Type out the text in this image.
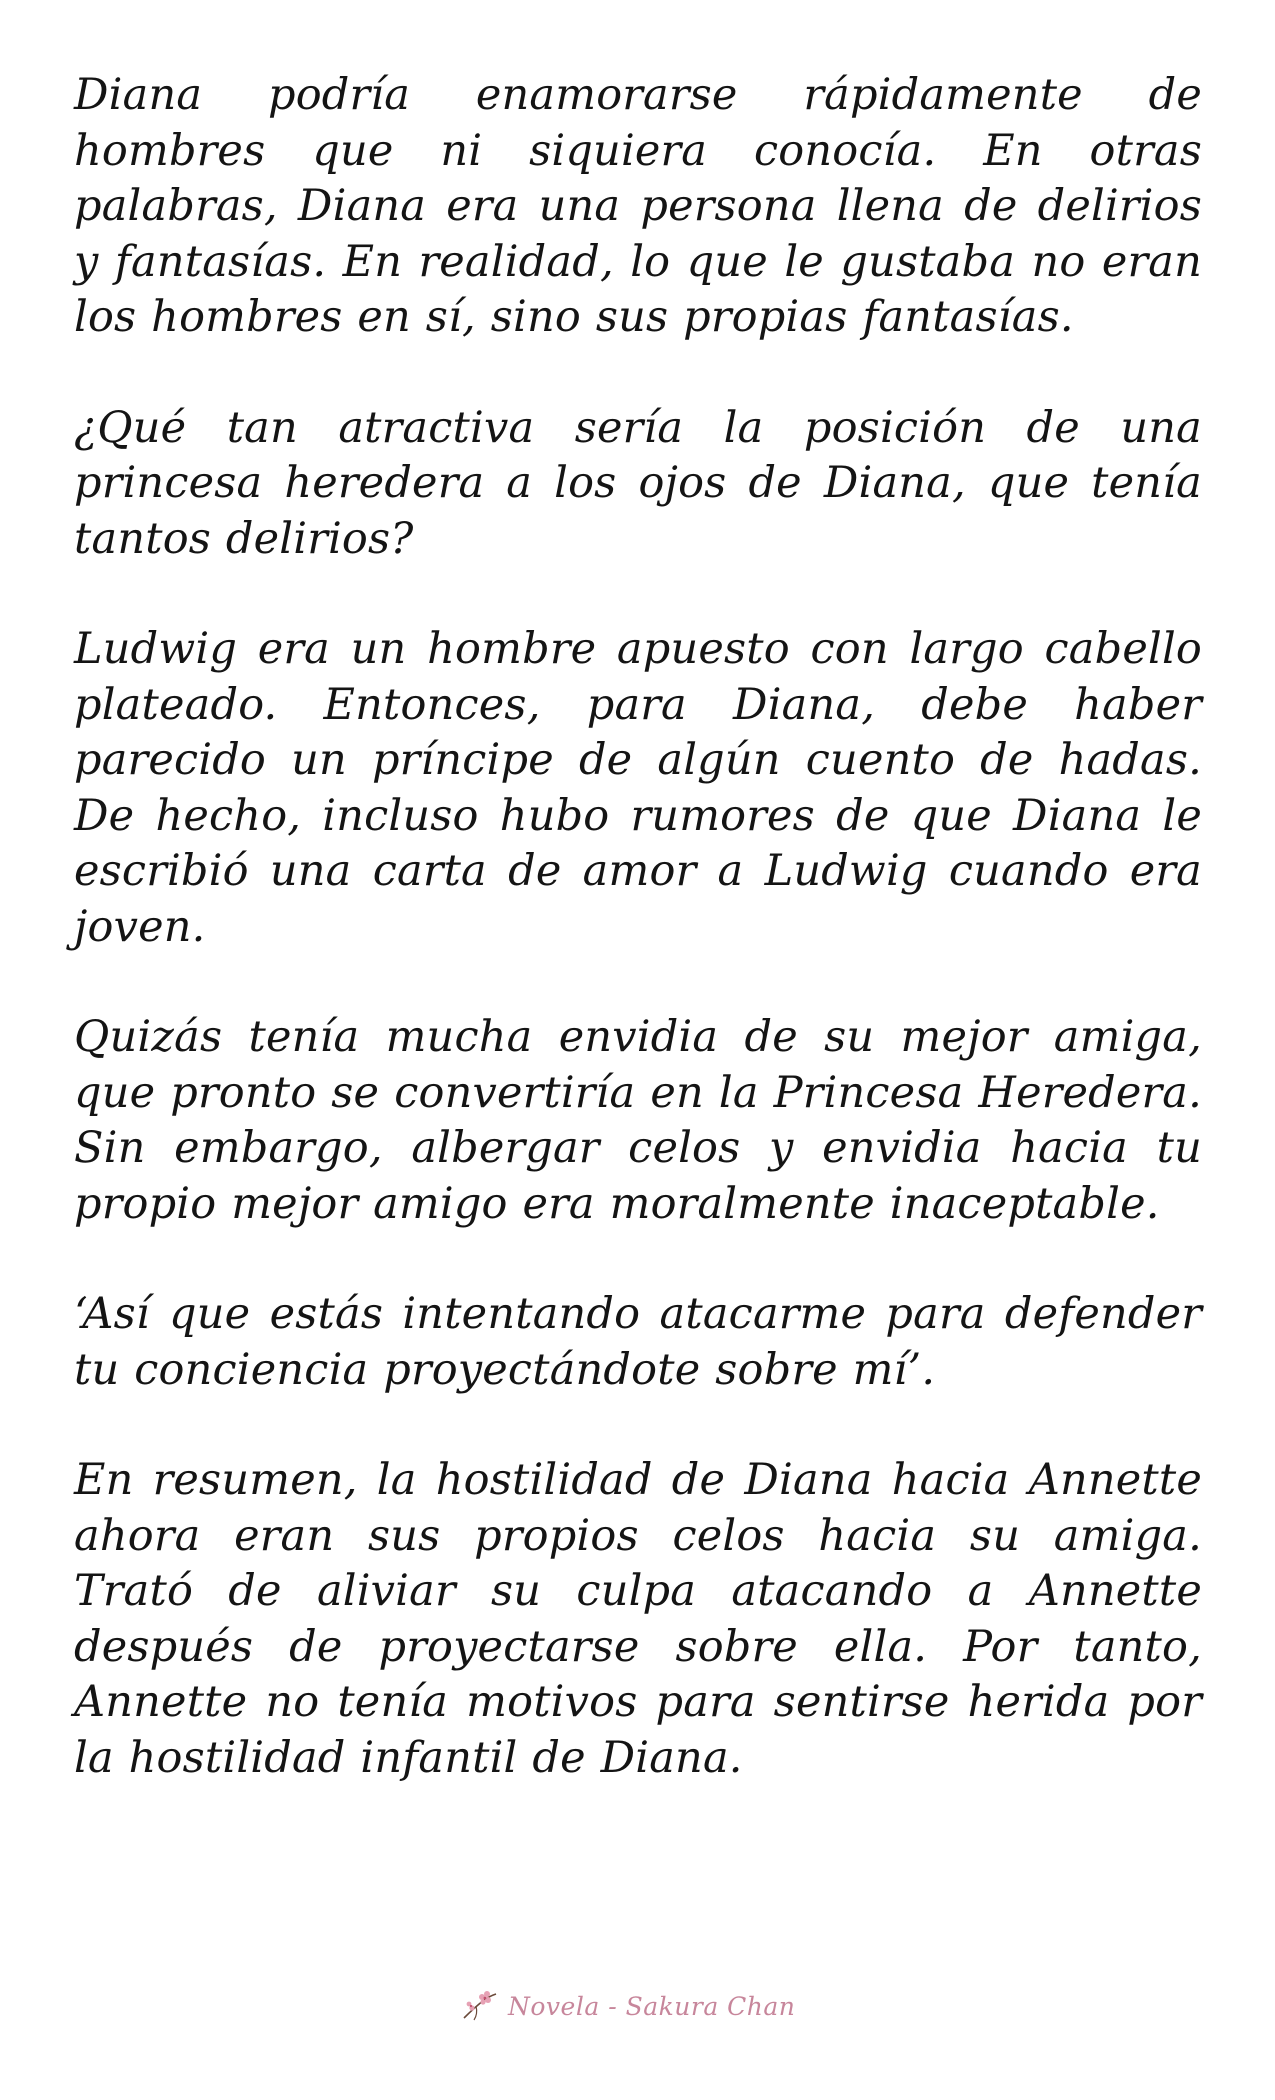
Diana podría enamorarse rápidamente de hombres que ni siquiera conocía. En otras palabras, Diana era una persona llena de delirios y fantasías. En realidad, lo que le gustaba no eran los hombres en sí, sino sus propias fantasías.

¿Qué tan atractiva sería la posición de una princesa heredera a los ojos de Diana, que tenía tantos delirios?

Ludwig era un hombre apuesto con largo cabello plateado. Entonces, para Diana, debe haber parecido un príncipe de algún cuento de hadas. De hecho, incluso hubo rumores de que Diana le escribió una carta de amor a Ludwig cuando era joven.

Quizás tenía mucha envidia de su mejor amiga, que pronto se convertiría en la Princesa Heredera. Sin embargo, albergar celos y envidia hacia tu propio mejor amigo era moralmente inaceptable.

‘Así que estás intentando atacarme para defender tu conciencia proyectándote sobre mí’.

En resumen, la hostilidad de Diana hacia Annette ahora eran sus propios celos hacia su amiga. Trató de aliviar su culpa atacando a Annette después de proyectarse sobre ella. Por tanto, Annette no tenía motivos para sentirse herida por la hostilidad infantil de Diana.

Novela - Sakura Chan
